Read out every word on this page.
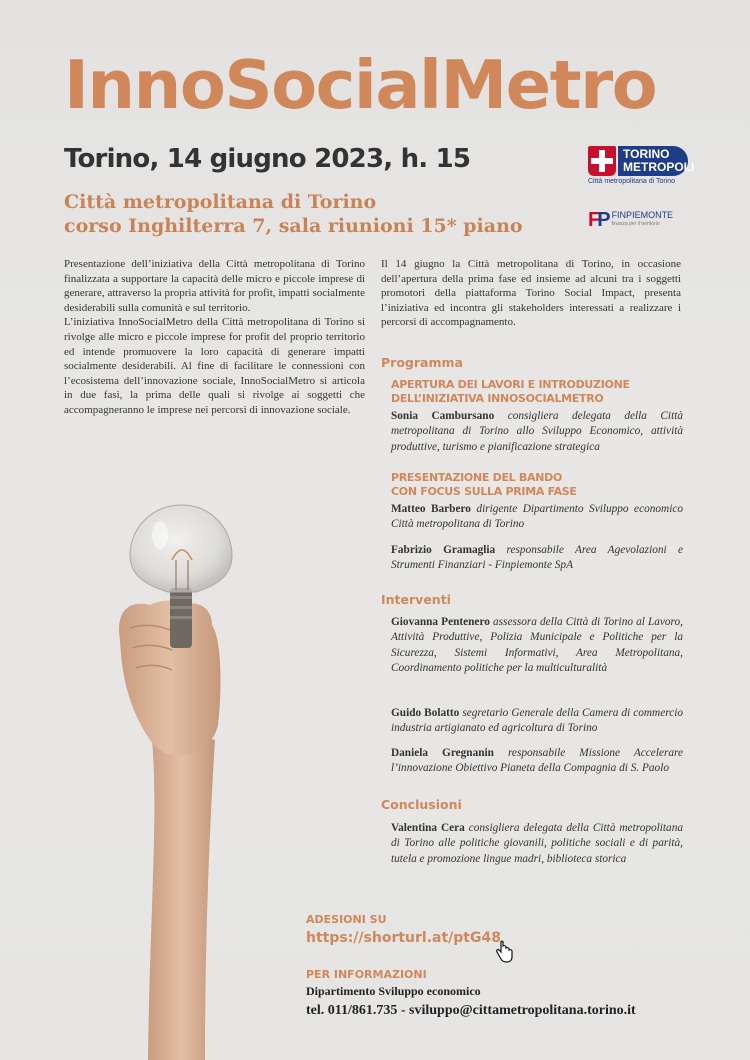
InnoSocialMetro
Torino, 14 giugno 2023, h. 15
Città metropolitana di Torino
corso Inghilterra 7, sala riunioni 15* piano
TORINO
METROPOLI
Città metropolitana di Torino
FP FINPIEMONTE
finanza per il territorio

Presentazione dell’iniziativa della Città metropolitana di Torino finalizzata a supportare la capacità delle micro e piccole imprese di generare, attraverso la propria attività for profit, impatti socialmente desiderabili sulla comunità e sul territorio.

L’iniziativa InnoSocialMetro della Città metropolitana di Torino si rivolge alle micro e piccole imprese for profit del proprio territorio ed intende promuovere la loro capacità di generare impatti socialmente desiderabili. Al fine di facilitare le connessioni con l’ecosistema dell’innovazione sociale, InnoSocialMetro si articola in due fasi, la prima delle quali si rivolge ai soggetti che accompagneranno le imprese nei percorsi di innovazione sociale.

Il 14 giugno la Città metropolitana di Torino, in occasione dell’apertura della prima fase ed insieme ad alcuni tra i soggetti promotori della piattaforma Torino Social Impact, presenta l’iniziativa ed incontra gli stakeholders interessati a realizzare i percorsi di accompagnamento.

Programma
APERTURA DEI LAVORI E INTRODUZIONE
DELL’INIZIATIVA INNOSOCIALMETRO
Sonia Cambursano consigliera delegata della Città metropolitana di Torino allo Sviluppo Economico, attività produttive, turismo e pianificazione strategica
PRESENTAZIONE DEL BANDO
CON FOCUS SULLA PRIMA FASE
Matteo Barbero dirigente Dipartimento Sviluppo economico Città metropolitana di Torino
Fabrizio Gramaglia responsabile Area Agevolazioni e Strumenti Finanziari - Finpiemonte SpA
Interventi
Giovanna Pentenero assessora della Città di Torino al Lavoro, Attività Produttive, Polizia Municipale e Politiche per la Sicurezza, Sistemi Informativi, Area Metropolitana, Coordinamento politiche per la multiculturalità
Guido Bolatto segretario Generale della Camera di commercio industria artigianato ed agricoltura di Torino
Daniela Gregnanin responsabile Missione Accelerare l’innovazione Obiettivo Pianeta della Compagnia di S. Paolo
Conclusioni
Valentina Cera consigliera delegata della Città metropolitana di Torino alle politiche giovanili, politiche sociali e di parità, tutela e promozione lingue madri, biblioteca storica
ADESIONI SU
https://shorturl.at/ptG48
PER INFORMAZIONI
Dipartimento Sviluppo economico
tel. 011/861.735 - sviluppo@cittametropolitana.torino.it
